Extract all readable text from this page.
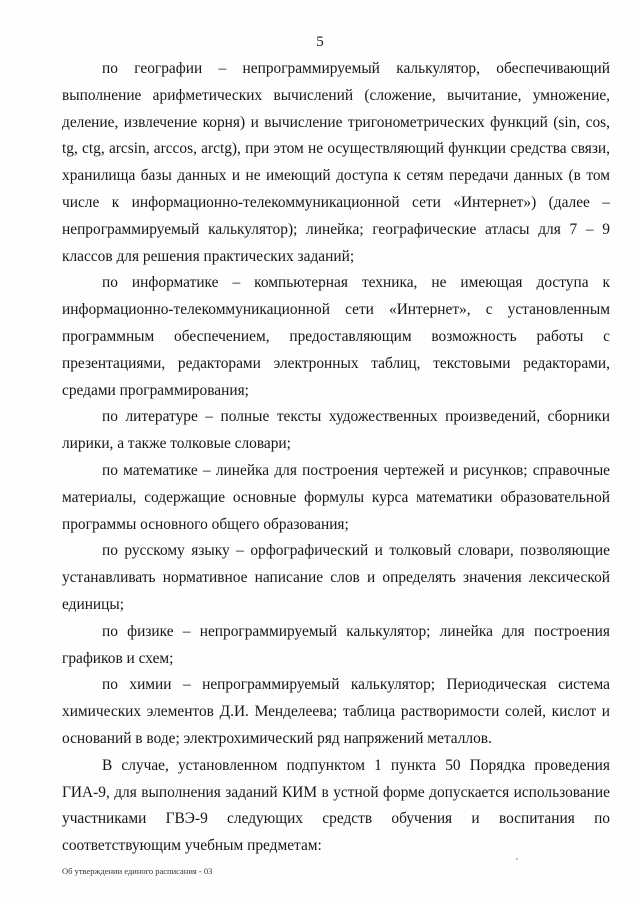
5

по географии – непрограммируемый калькулятор, обеспечивающий выполнение арифметических вычислений (сложение, вычитание, умножение, деление, извлечение корня) и вычисление тригонометрических функций (sin, cos, tg, ctg, arcsin, arccos, arctg), при этом не осуществляющий функции средства связи, хранилища базы данных и не имеющий доступа к сетям передачи данных (в том числе к информационно-телекоммуникационной сети «Интернет») (далее – непрограммируемый калькулятор); линейка; географические атласы для 7 – 9 классов для решения практических заданий;

по информатике – компьютерная техника, не имеющая доступа к информационно-телекоммуникационной сети «Интернет», с установленным программным обеспечением, предоставляющим возможность работы с презентациями, редакторами электронных таблиц, текстовыми редакторами, средами программирования;

по литературе – полные тексты художественных произведений, сборники лирики, а также толковые словари;

по математике – линейка для построения чертежей и рисунков; справочные материалы, содержащие основные формулы курса математики образовательной программы основного общего образования;

по русскому языку – орфографический и толковый словари, позволяющие устанавливать нормативное написание слов и определять значения лексической единицы;

по физике – непрограммируемый калькулятор; линейка для построения графиков и схем;

по химии – непрограммируемый калькулятор; Периодическая система химических элементов Д.И. Менделеева; таблица растворимости солей, кислот и оснований в воде; электрохимический ряд напряжений металлов.

В случае, установленном подпунктом 1 пункта 50 Порядка проведения ГИА-9, для выполнения заданий КИМ в устной форме допускается использование участниками ГВЭ-9 следующих средств обучения и воспитания по соответствующим учебным предметам:

Об утверждении единого расписания - 03
